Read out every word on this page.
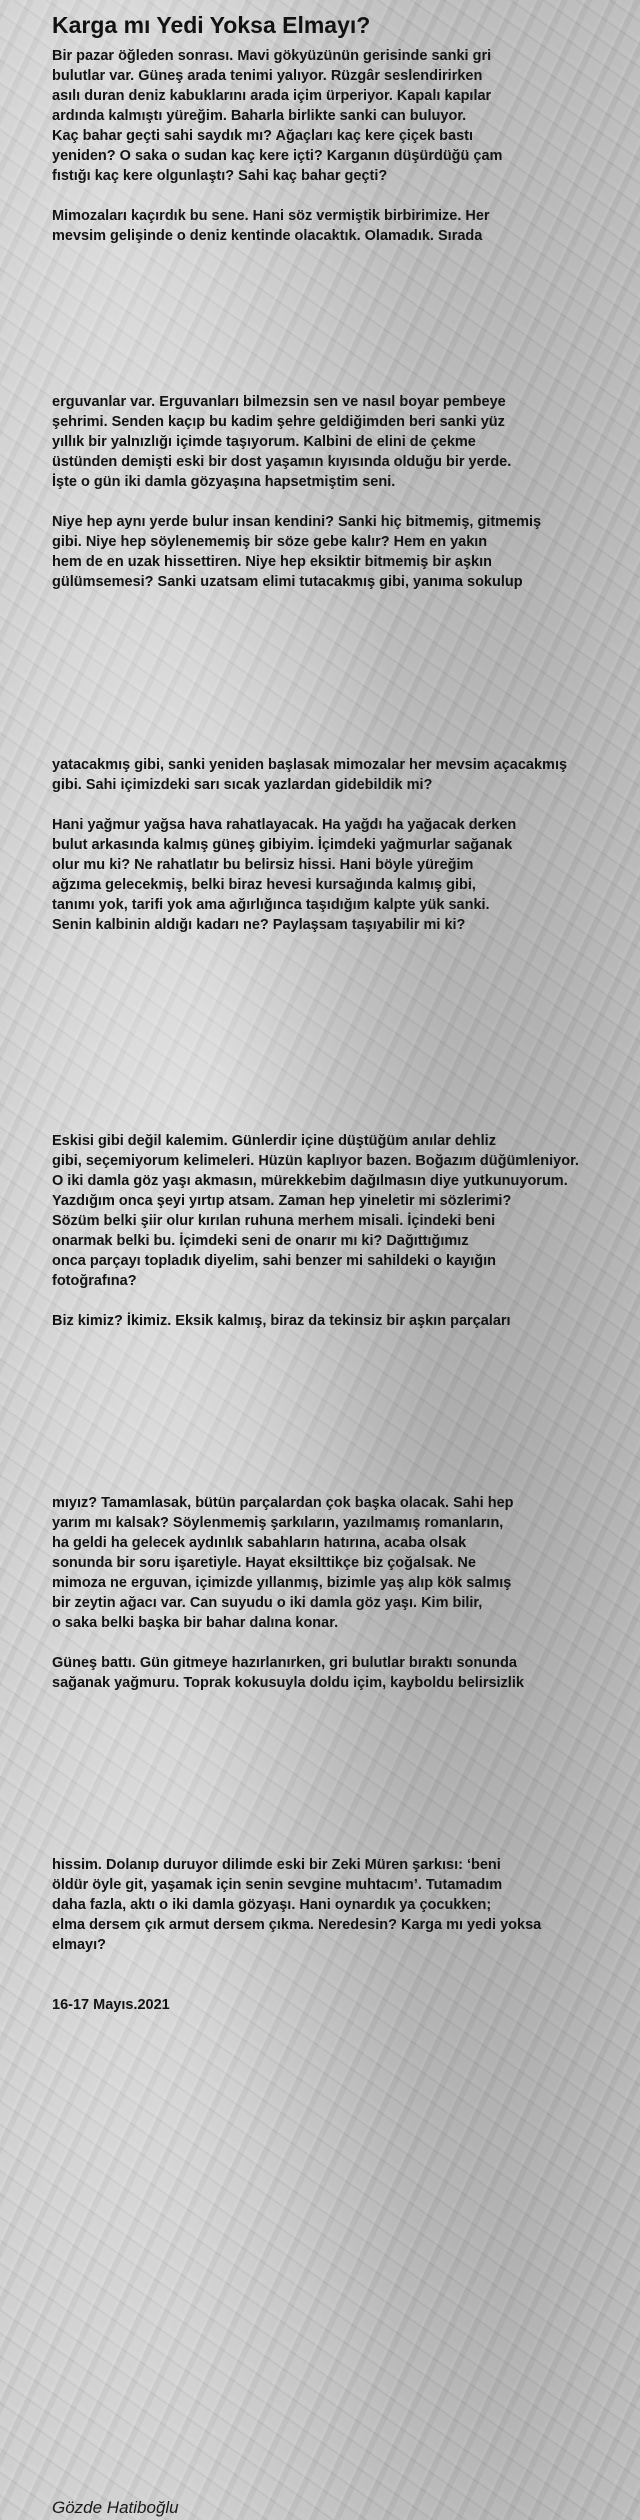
Karga mı Yedi Yoksa Elmayı?
Bir pazar öğleden sonrası. Mavi gökyüzünün gerisinde sanki gri
bulutlar var. Güneş arada tenimi yalıyor. Rüzgâr seslendirirken
asılı duran deniz kabuklarını arada içim ürperiyor. Kapalı kapılar
ardında kalmıştı yüreğim. Baharla birlikte sanki can buluyor.
Kaç bahar geçti sahi saydık mı? Ağaçları kaç kere çiçek bastı
yeniden? O saka o sudan kaç kere içti? Karganın düşürdüğü çam
fıstığı kaç kere olgunlaştı? Sahi kaç bahar geçti?
Mimozaları kaçırdık bu sene. Hani söz vermiştik birbirimize. Her
mevsim gelişinde o deniz kentinde olacaktık. Olamadık. Sırada
erguvanlar var. Erguvanları bilmezsin sen ve nasıl boyar pembeye
şehrimi. Senden kaçıp bu kadim şehre geldiğimden beri sanki yüz
yıllık bir yalnızlığı içimde taşıyorum. Kalbini de elini de çekme
üstünden demişti eski bir dost yaşamın kıyısında olduğu bir yerde.
İşte o gün iki damla gözyaşına hapsetmiştim seni.
Niye hep aynı yerde bulur insan kendini? Sanki hiç bitmemiş, gitmemiş
gibi. Niye hep söylenememiş bir söze gebe kalır? Hem en yakın
hem de en uzak hissettiren. Niye hep eksiktir bitmemiş bir aşkın
gülümsemesi? Sanki uzatsam elimi tutacakmış gibi, yanıma sokulup
yatacakmış gibi, sanki yeniden başlasak mimozalar her mevsim açacakmış
gibi. Sahi içimizdeki sarı sıcak yazlardan gidebildik mi?
Hani yağmur yağsa hava rahatlayacak. Ha yağdı ha yağacak derken
bulut arkasında kalmış güneş gibiyim. İçimdeki yağmurlar sağanak
olur mu ki? Ne rahatlatır bu belirsiz hissi. Hani böyle yüreğim
ağzıma gelecekmiş, belki biraz hevesi kursağında kalmış gibi,
tanımı yok, tarifi yok ama ağırlığınca taşıdığım kalpte yük sanki.
Senin kalbinin aldığı kadarı ne? Paylaşsam taşıyabilir mi ki?
Eskisi gibi değil kalemim. Günlerdir içine düştüğüm anılar dehliz
gibi, seçemiyorum kelimeleri. Hüzün kaplıyor bazen. Boğazım düğümleniyor.
O iki damla göz yaşı akmasın, mürekkebim dağılmasın diye yutkunuyorum.
Yazdığım onca şeyi yırtıp atsam. Zaman hep yineletir mi sözlerimi?
Sözüm belki şiir olur kırılan ruhuna merhem misali. İçindeki beni
onarmak belki bu. İçimdeki seni de onarır mı ki? Dağıttığımız
onca parçayı topladık diyelim, sahi benzer mi sahildeki o kayığın
fotoğrafına?
Biz kimiz? İkimiz. Eksik kalmış, biraz da tekinsiz bir aşkın parçaları
mıyız? Tamamlasak, bütün parçalardan çok başka olacak. Sahi hep
yarım mı kalsak? Söylenmemiş şarkıların, yazılmamış romanların,
ha geldi ha gelecek aydınlık sabahların hatırına, acaba olsak
sonunda bir soru işaretiyle. Hayat eksilttikçe biz çoğalsak. Ne
mimoza ne erguvan, içimizde yıllanmış, bizimle yaş alıp kök salmış
bir zeytin ağacı var. Can suyudu o iki damla göz yaşı. Kim bilir,
o saka belki başka bir bahar dalına konar.
Güneş battı. Gün gitmeye hazırlanırken, gri bulutlar bıraktı sonunda
sağanak yağmuru. Toprak kokusuyla doldu içim, kayboldu belirsizlik
hissim. Dolanıp duruyor dilimde eski bir Zeki Müren şarkısı: ‘beni
öldür öyle git, yaşamak için senin sevgine muhtacım’. Tutamadım
daha fazla, aktı o iki damla gözyaşı. Hani oynardık ya çocukken;
elma dersem çık armut dersem çıkma. Neredesin? Karga mı yedi yoksa
elmayı?
16-17 Mayıs.2021
Gözde Hatiboğlu
